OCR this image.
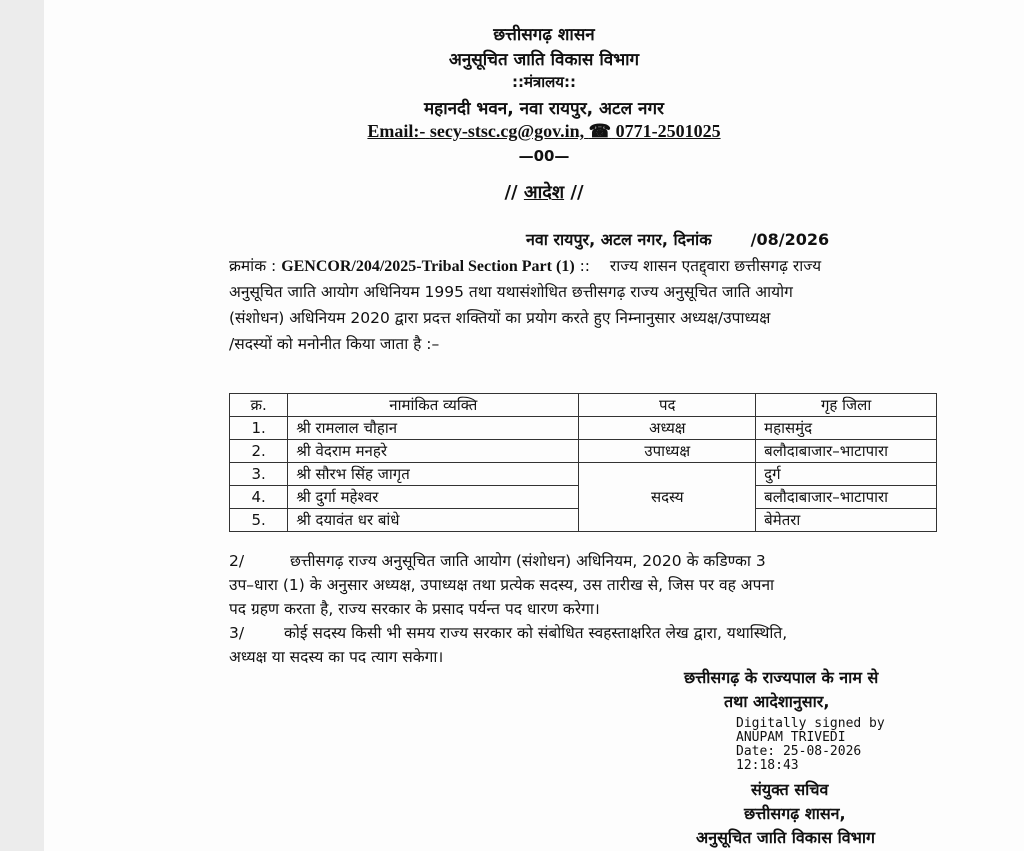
छत्तीसगढ़ शासन
अनुसूचित जाति विकास विभाग
::मंत्रालय::
महानदी भवन, नवा रायपुर, अटल नगर
Email:- secy-stsc.cg@gov.in, ☎ 0771-2501025
—00—
// आदेश //
नवा रायपुर, अटल नगर, दिनांक /08/2026
क्रमांक : GENCOR/204/2025-Tribal Section Part (1) :: राज्य शासन एतद्द्वारा छत्तीसगढ़ राज्य
अनुसूचित जाति आयोग अधिनियम 1995 तथा यथासंशोधित छत्तीसगढ़ राज्य अनुसूचित जाति आयोग
(संशोधन) अधिनियम 2020 द्वारा प्रदत्त शक्तियों का प्रयोग करते हुए निम्नानुसार अध्यक्ष/उपाध्यक्ष
/सदस्यों को मनोनीत किया जाता है :–
क्र.	नामांकित व्यक्ति	पद	गृह जिला
1.	श्री रामलाल चौहान	अध्यक्ष	महासमुंद
2.	श्री वेदराम मनहरे	उपाध्यक्ष	बलौदाबाजार–भाटापारा
3.	श्री सौरभ सिंह जागृत	सदस्य	दुर्ग
4.	श्री दुर्गा महेश्वर		बलौदाबाजार–भाटापारा
5.	श्री दयावंत धर बांधे		बेमेतरा
2/	छत्तीसगढ़ राज्य अनुसूचित जाति आयोग (संशोधन) अधिनियम, 2020 के कडिण्का 3
उप–धारा (1) के अनुसार अध्यक्ष, उपाध्यक्ष तथा प्रत्येक सदस्य, उस तारीख से, जिस पर वह अपना
पद ग्रहण करता है, राज्य सरकार के प्रसाद पर्यन्त पद धारण करेगा।
3/	कोई सदस्य किसी भी समय राज्य सरकार को संबोधित स्वहस्ताक्षरित लेख द्वारा, यथास्थिति,
अध्यक्ष या सदस्य का पद त्याग सकेगा।
छत्तीसगढ़ के राज्यपाल के नाम से
तथा आदेशानुसार,
Digitally signed by
ANUPAM TRIVEDI
Date: 25-08-2026
12:18:43
संयुक्त सचिव
छत्तीसगढ़ शासन,
अनुसूचित जाति विकास विभाग
